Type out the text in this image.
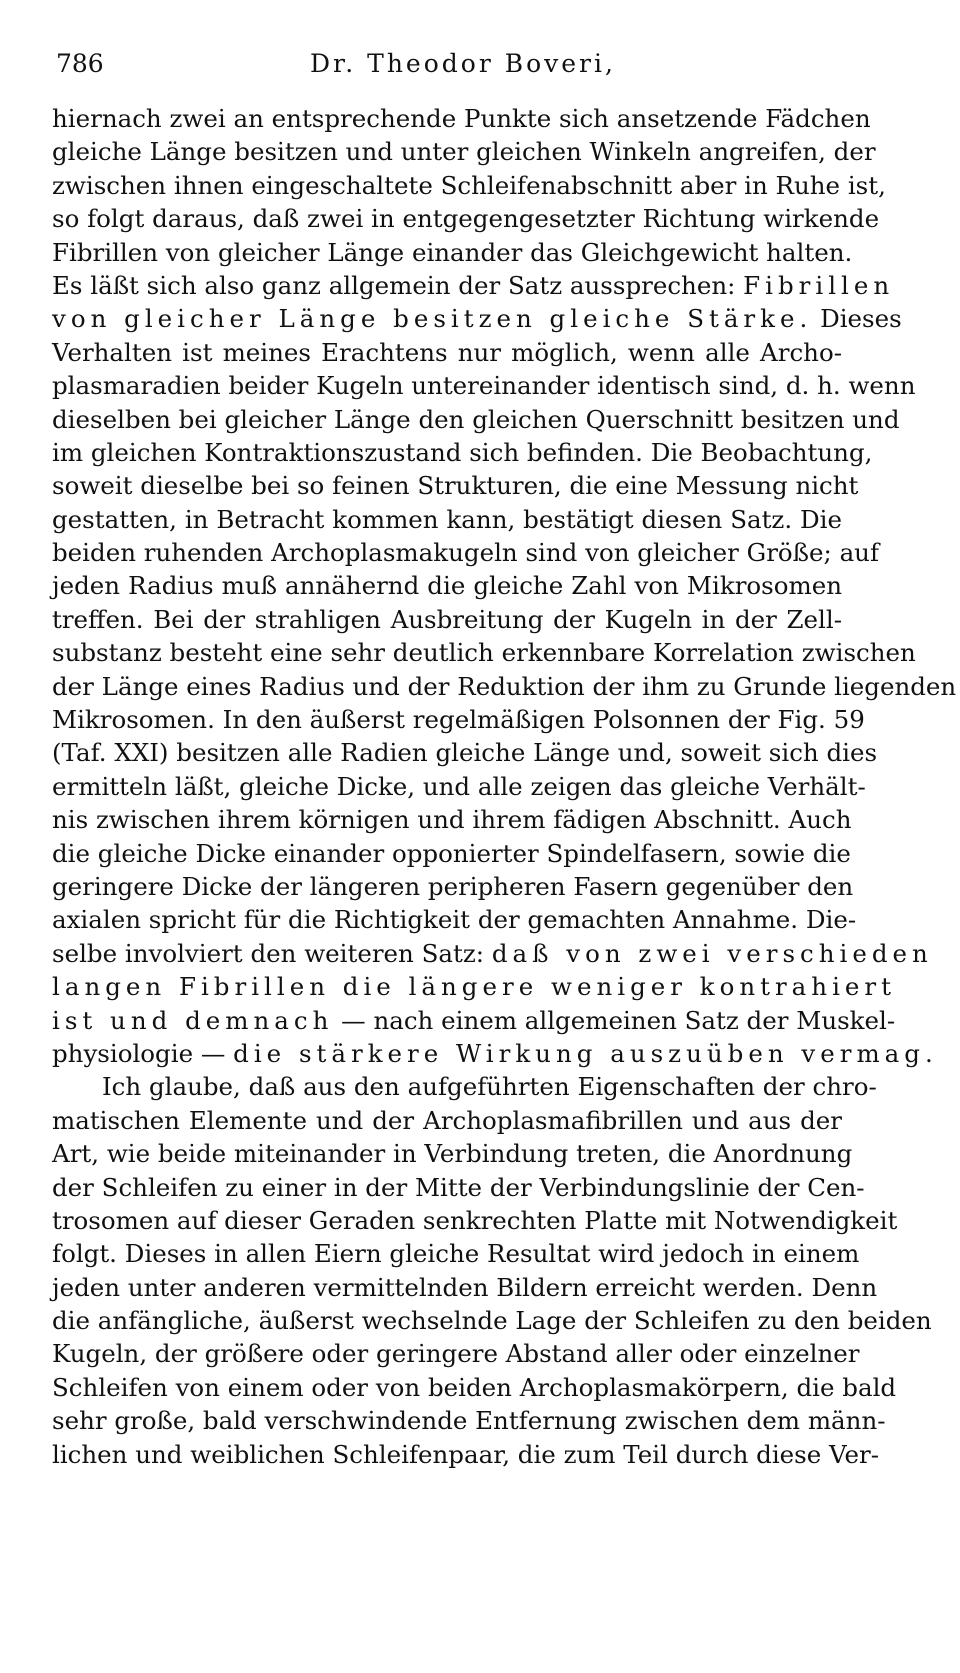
786	Dr. Theodor Boveri,
hiernach zwei an entsprechende Punkte sich ansetzende Fädchen
gleiche Länge besitzen und unter gleichen Winkeln angreifen, der
zwischen ihnen eingeschaltete Schleifenabschnitt aber in Ruhe ist,
so folgt daraus, daß zwei in entgegengesetzter Richtung wirkende
Fibrillen von gleicher Länge einander das Gleichgewicht halten.
Es läßt sich also ganz allgemein der Satz aussprechen: Fibrillen
von gleicher Länge besitzen gleiche Stärke. Dieses
Verhalten ist meines Erachtens nur möglich, wenn alle Archo-
plasmaradien beider Kugeln untereinander identisch sind, d. h. wenn
dieselben bei gleicher Länge den gleichen Querschnitt besitzen und
im gleichen Kontraktionszustand sich befinden. Die Beobachtung,
soweit dieselbe bei so feinen Strukturen, die eine Messung nicht
gestatten, in Betracht kommen kann, bestätigt diesen Satz. Die
beiden ruhenden Archoplasmakugeln sind von gleicher Größe; auf
jeden Radius muß annähernd die gleiche Zahl von Mikrosomen
treffen. Bei der strahligen Ausbreitung der Kugeln in der Zell-
substanz besteht eine sehr deutlich erkennbare Korrelation zwischen
der Länge eines Radius und der Reduktion der ihm zu Grunde liegenden
Mikrosomen. In den äußerst regelmäßigen Polsonnen der Fig. 59
(Taf. XXI) besitzen alle Radien gleiche Länge und, soweit sich dies
ermitteln läßt, gleiche Dicke, und alle zeigen das gleiche Verhält-
nis zwischen ihrem körnigen und ihrem fädigen Abschnitt. Auch
die gleiche Dicke einander opponierter Spindelfasern, sowie die
geringere Dicke der längeren peripheren Fasern gegenüber den
axialen spricht für die Richtigkeit der gemachten Annahme. Die-
selbe involviert den weiteren Satz: daß von zwei verschieden
langen Fibrillen die längere weniger kontrahiert
ist und demnach — nach einem allgemeinen Satz der Muskel-
physiologie — die stärkere Wirkung auszuüben vermag.
Ich glaube, daß aus den aufgeführten Eigenschaften der chro-
matischen Elemente und der Archoplasmafibrillen und aus der
Art, wie beide miteinander in Verbindung treten, die Anordnung
der Schleifen zu einer in der Mitte der Verbindungslinie der Cen-
trosomen auf dieser Geraden senkrechten Platte mit Notwendigkeit
folgt. Dieses in allen Eiern gleiche Resultat wird jedoch in einem
jeden unter anderen vermittelnden Bildern erreicht werden. Denn
die anfängliche, äußerst wechselnde Lage der Schleifen zu den beiden
Kugeln, der größere oder geringere Abstand aller oder einzelner
Schleifen von einem oder von beiden Archoplasmakörpern, die bald
sehr große, bald verschwindende Entfernung zwischen dem männ-
lichen und weiblichen Schleifenpaar, die zum Teil durch diese Ver-
